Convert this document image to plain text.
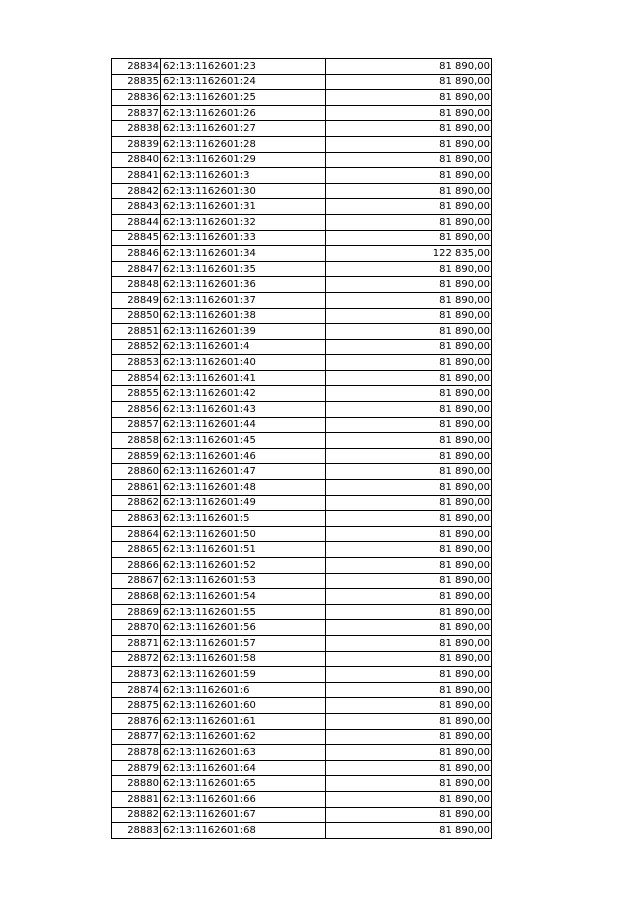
28834	62:13:1162601:23	81 890,00
28835	62:13:1162601:24	81 890,00
28836	62:13:1162601:25	81 890,00
28837	62:13:1162601:26	81 890,00
28838	62:13:1162601:27	81 890,00
28839	62:13:1162601:28	81 890,00
28840	62:13:1162601:29	81 890,00
28841	62:13:1162601:3	81 890,00
28842	62:13:1162601:30	81 890,00
28843	62:13:1162601:31	81 890,00
28844	62:13:1162601:32	81 890,00
28845	62:13:1162601:33	81 890,00
28846	62:13:1162601:34	122 835,00
28847	62:13:1162601:35	81 890,00
28848	62:13:1162601:36	81 890,00
28849	62:13:1162601:37	81 890,00
28850	62:13:1162601:38	81 890,00
28851	62:13:1162601:39	81 890,00
28852	62:13:1162601:4	81 890,00
28853	62:13:1162601:40	81 890,00
28854	62:13:1162601:41	81 890,00
28855	62:13:1162601:42	81 890,00
28856	62:13:1162601:43	81 890,00
28857	62:13:1162601:44	81 890,00
28858	62:13:1162601:45	81 890,00
28859	62:13:1162601:46	81 890,00
28860	62:13:1162601:47	81 890,00
28861	62:13:1162601:48	81 890,00
28862	62:13:1162601:49	81 890,00
28863	62:13:1162601:5	81 890,00
28864	62:13:1162601:50	81 890,00
28865	62:13:1162601:51	81 890,00
28866	62:13:1162601:52	81 890,00
28867	62:13:1162601:53	81 890,00
28868	62:13:1162601:54	81 890,00
28869	62:13:1162601:55	81 890,00
28870	62:13:1162601:56	81 890,00
28871	62:13:1162601:57	81 890,00
28872	62:13:1162601:58	81 890,00
28873	62:13:1162601:59	81 890,00
28874	62:13:1162601:6	81 890,00
28875	62:13:1162601:60	81 890,00
28876	62:13:1162601:61	81 890,00
28877	62:13:1162601:62	81 890,00
28878	62:13:1162601:63	81 890,00
28879	62:13:1162601:64	81 890,00
28880	62:13:1162601:65	81 890,00
28881	62:13:1162601:66	81 890,00
28882	62:13:1162601:67	81 890,00
28883	62:13:1162601:68	81 890,00
